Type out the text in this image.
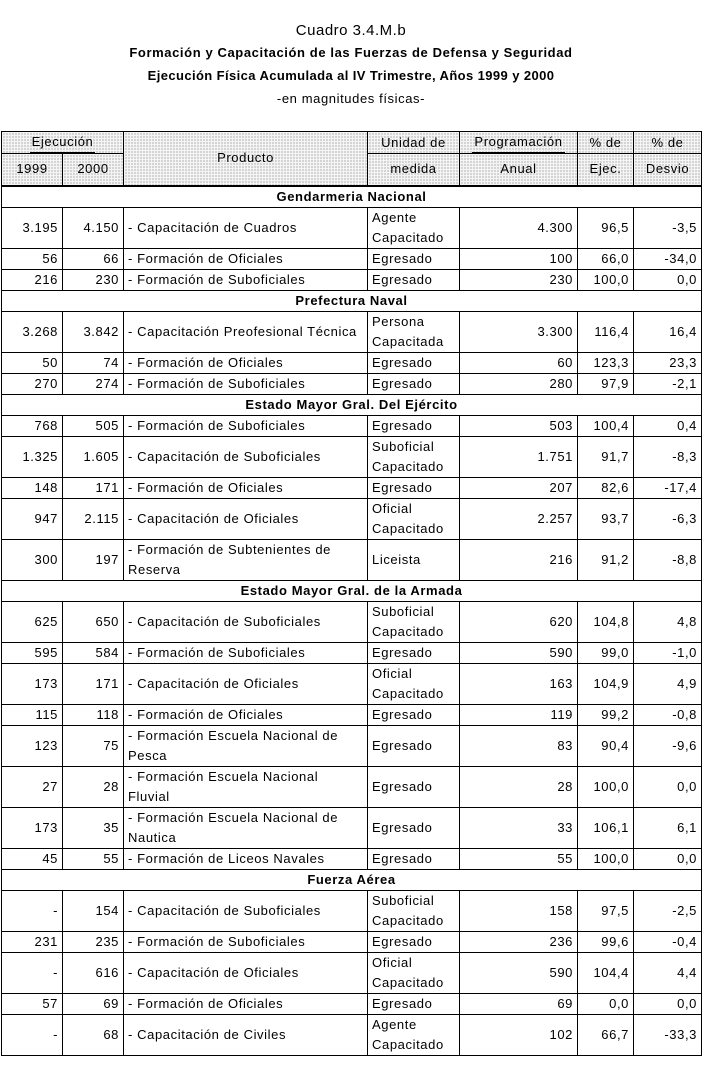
Cuadro 3.4.M.b
Formación y Capacitación de las Fuerzas de Defensa y Seguridad
Ejecución Física Acumulada al IV Trimestre, Años 1999 y 2000
-en magnitudes físicas-
Ejecución		Producto	Unidad de	Programación	% de	% de
1999	2000		medida	Anual	Ejec.	Desvio
Gendarmeria Nacional						
3.195	4.150	- Capacitación de Cuadros	Agente Capacitado	4.300	96,5	-3,5
56	66	- Formación de Oficiales	Egresado	100	66,0	-34,0
216	230	- Formación de Suboficiales	Egresado	230	100,0	0,0
Prefectura Naval						
3.268	3.842	- Capacitación Preofesional Técnica	Persona Capacitada	3.300	116,4	16,4
50	74	- Formación de Oficiales	Egresado	60	123,3	23,3
270	274	- Formación de Suboficiales	Egresado	280	97,9	-2,1
Estado Mayor Gral. Del Ejército						
768	505	- Formación de Suboficiales	Egresado	503	100,4	0,4
1.325	1.605	- Capacitación de Suboficiales	Suboficial Capacitado	1.751	91,7	-8,3
148	171	- Formación de Oficiales	Egresado	207	82,6	-17,4
947	2.115	- Capacitación de Oficiales	Oficial Capacitado	2.257	93,7	-6,3
300	197	- Formación de Subtenientes de Reserva	Liceista	216	91,2	-8,8
Estado Mayor Gral. de la Armada						
625	650	- Capacitación de Suboficiales	Suboficial Capacitado	620	104,8	4,8
595	584	- Formación de Suboficiales	Egresado	590	99,0	-1,0
173	171	- Capacitación de Oficiales	Oficial Capacitado	163	104,9	4,9
115	118	- Formación de Oficiales	Egresado	119	99,2	-0,8
123	75	- Formación Escuela Nacional de Pesca	Egresado	83	90,4	-9,6
27	28	- Formación Escuela Nacional Fluvial	Egresado	28	100,0	0,0
173	35	- Formación Escuela Nacional de Nautica	Egresado	33	106,1	6,1
45	55	- Formación de Liceos Navales	Egresado	55	100,0	0,0
Fuerza Aérea						
-	154	- Capacitación de Suboficiales	Suboficial Capacitado	158	97,5	-2,5
231	235	- Formación de Suboficiales	Egresado	236	99,6	-0,4
-	616	- Capacitación de Oficiales	Oficial Capacitado	590	104,4	4,4
57	69	- Formación de Oficiales	Egresado	69	0,0	0,0
-	68	- Capacitación de Civiles	Agente Capacitado	102	66,7	-33,3
